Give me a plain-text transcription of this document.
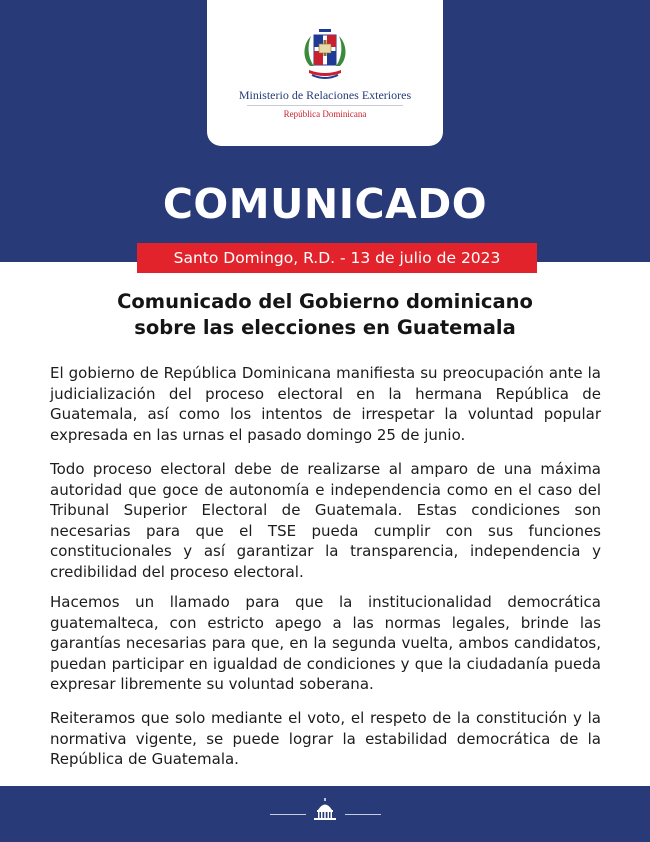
Ministerio de Relaciones Exteriores
República Dominicana
COMUNICADO
Santo Domingo, R.D. - 13 de julio de 2023
Comunicado del Gobierno dominicano
sobre las elecciones en Guatemala

El gobierno de República Dominicana manifiesta su preocupación ante la judicialización del proceso electoral en la hermana República de Guatemala, así como los intentos de irrespetar la voluntad popular expresada en las urnas el pasado domingo 25 de junio.

Todo proceso electoral debe de realizarse al amparo de una máxima autoridad que goce de autonomía e independencia como en el caso del Tribunal Superior Electoral de Guatemala. Estas condiciones son necesarias para que el TSE pueda cumplir con sus funciones constitucionales y así garantizar la transparencia, independencia y credibilidad del proceso electoral.

Hacemos un llamado para que la institucionalidad democrática guatemalteca, con estricto apego a las normas legales, brinde las garantías necesarias para que, en la segunda vuelta, ambos candidatos, puedan participar en igualdad de condiciones y que la ciudadanía pueda expresar libremente su voluntad soberana.

Reiteramos que solo mediante el voto, el respeto de la constitución y la normativa vigente, se puede lograr la estabilidad democrática de la República de Guatemala.
